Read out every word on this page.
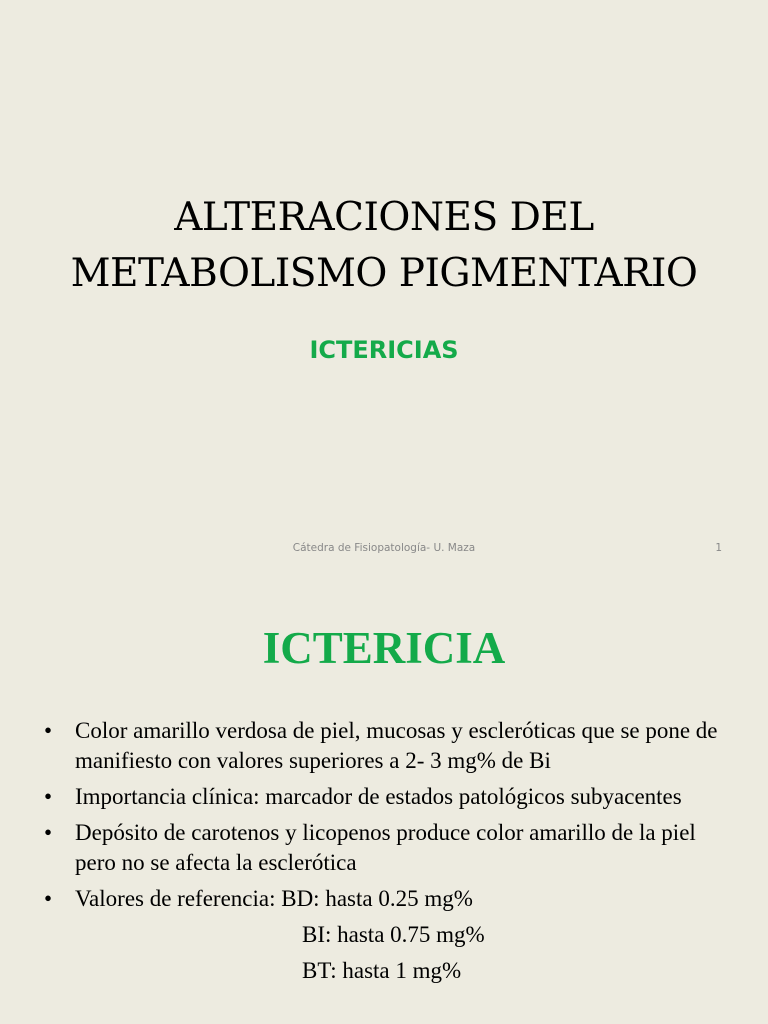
ALTERACIONES DEL
METABOLISMO PIGMENTARIO
ICTERICIAS
Cátedra de Fisiopatología- U. Maza	1
ICTERICIA
• Color amarillo verdosa de piel, mucosas y escleróticas que se pone de manifiesto con valores superiores a 2- 3 mg% de Bi
• Importancia clínica: marcador de estados patológicos subyacentes
• Depósito de carotenos y licopenos produce color amarillo de la piel pero no se afecta la esclerótica
• Valores de referencia: BD: hasta 0.25 mg%
BI: hasta 0.75 mg%
BT: hasta 1 mg%
